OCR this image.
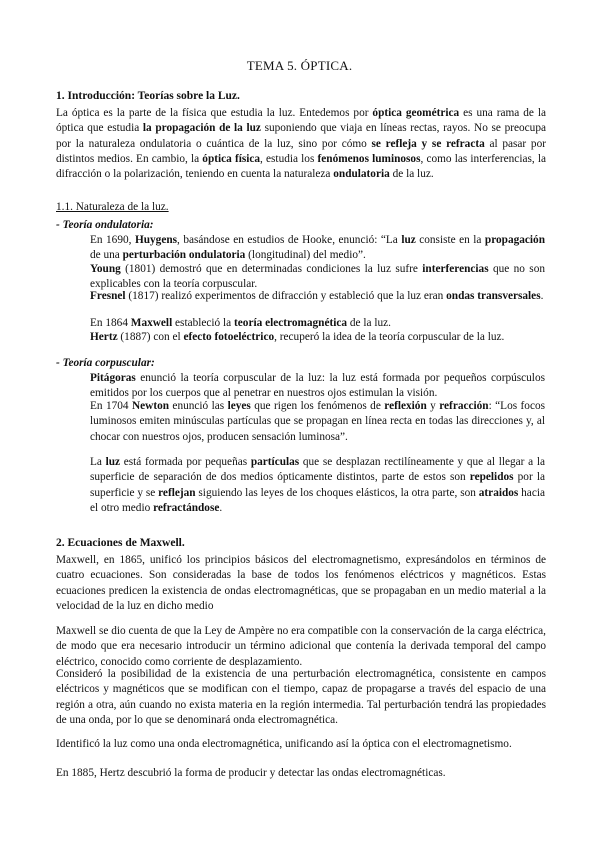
TEMA 5. ÓPTICA.
1. Introducción: Teorías sobre la Luz.

La óptica es la parte de la física que estudia la luz. Entedemos por óptica geométrica es una rama de la óptica que estudia la propagación de la luz suponiendo que viaja en líneas rectas, rayos. No se preocupa por la naturaleza ondulatoria o cuántica de la luz, sino por cómo se refleja y se refracta al pasar por distintos medios. En cambio, la óptica física, estudia los fenómenos luminosos, como las interferencias, la difracción o la polarización, teniendo en cuenta la naturaleza ondulatoria de la luz.

1.1. Naturaleza de la luz.
- Teoría ondulatoria:

En 1690, Huygens, basándose en estudios de Hooke, enunció: “La luz consiste en la propagación de una perturbación ondulatoria (longitudinal) del medio”.

Young (1801) demostró que en determinadas condiciones la luz sufre interferencias que no son explicables con la teoría corpuscular.

Fresnel (1817) realizó experimentos de difracción y estableció que la luz eran ondas transversales.

En 1864 Maxwell estableció la teoría electromagnética de la luz.

Hertz (1887) con el efecto fotoeléctrico, recuperó la idea de la teoría corpuscular de la luz.

- Teoría corpuscular:

Pitágoras enunció la teoría corpuscular de la luz: la luz está formada por pequeños corpúsculos emitidos por los cuerpos que al penetrar en nuestros ojos estimulan la visión.

En 1704 Newton enunció las leyes que rigen los fenómenos de reflexión y refracción: “Los focos luminosos emiten minúsculas partículas que se propagan en línea recta en todas las direcciones y, al chocar con nuestros ojos, producen sensación luminosa”.

La luz está formada por pequeñas partículas que se desplazan rectilíneamente y que al llegar a la superficie de separación de dos medios ópticamente distintos, parte de estos son repelidos por la superficie y se reflejan siguiendo las leyes de los choques elásticos, la otra parte, son atraidos hacia el otro medio refractándose.

2. Ecuaciones de Maxwell.

Maxwell, en 1865, unificó los principios básicos del electromagnetismo, expresándolos en términos de cuatro ecuaciones. Son consideradas la base de todos los fenómenos eléctricos y magnéticos. Estas ecuaciones predicen la existencia de ondas electromagnéticas, que se propagaban en un medio material a la velocidad de la luz en dicho medio

Maxwell se dio cuenta de que la Ley de Ampère no era compatible con la conservación de la carga eléctrica, de modo que era necesario introducir un término adicional que contenía la derivada temporal del campo eléctrico, conocido como corriente de desplazamiento.

Consideró la posibilidad de la existencia de una perturbación electromagnética, consistente en campos eléctricos y magnéticos que se modifican con el tiempo, capaz de propagarse a través del espacio de una región a otra, aún cuando no exista materia en la región intermedia. Tal perturbación tendrá las propiedades de una onda, por lo que se denominará onda electromagnética.

Identificó la luz como una onda electromagnética, unificando así la óptica con el electromagnetismo.

En 1885, Hertz descubrió la forma de producir y detectar las ondas electromagnéticas.
